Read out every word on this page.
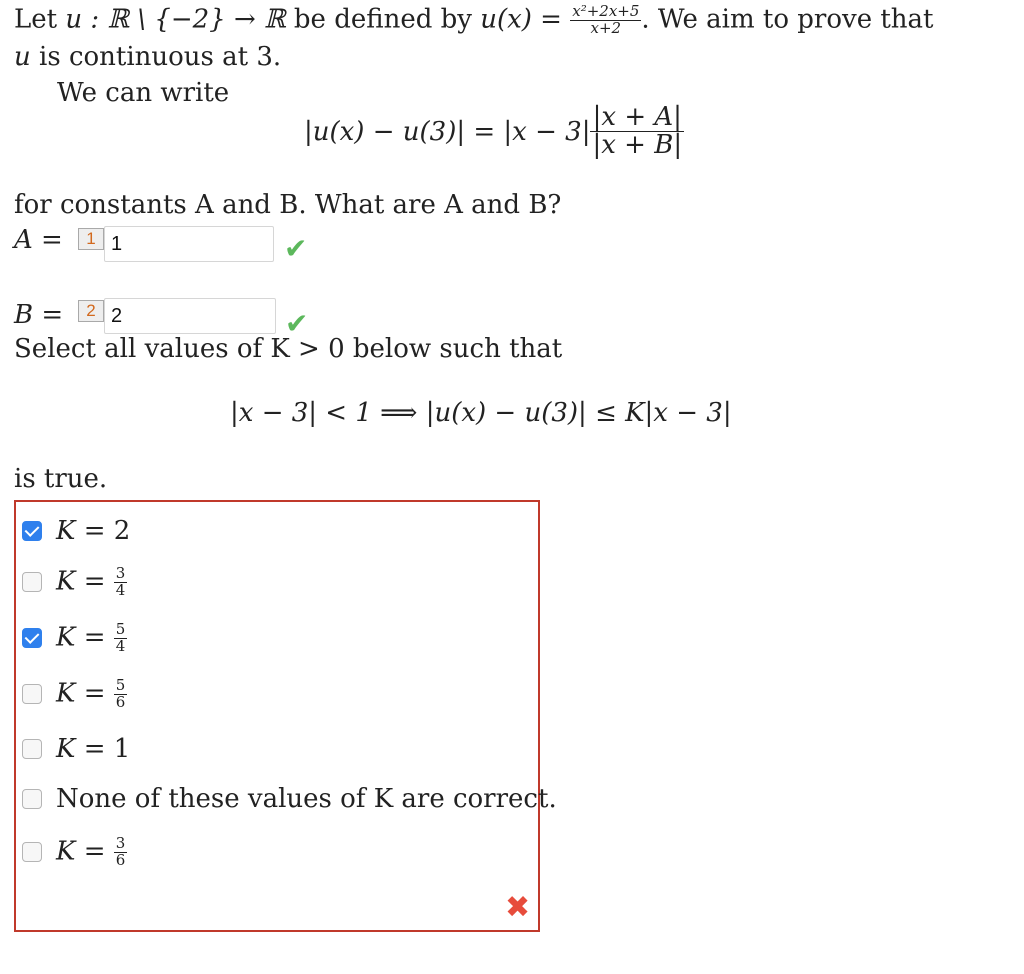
Let u : ℝ \ {−2} → ℝ be defined by $u(x) = \frac{\text{x²+2x+5}}{x+2}$ . We aim to prove that
u is continuous at 3.
We can write
$|u(x) - u(3)| = |x - 3| \frac{|x + A|}{|x + B|}$
for constants A and B. What are A and B?
A =	1 1	✔
B =	2 2	✔
Select all values of K > 0 below such that
|x − 3| < 1 ⟹ |u(x) − u(3)| ≤ K|x − 3|
is true.
K = 2
$K = \frac{3}{4}$
$K = \frac{5}{4}$
$K = \frac{5}{6}$
K = 1
None of these values of K are correct.
$K = \frac{3}{6}$
✖
